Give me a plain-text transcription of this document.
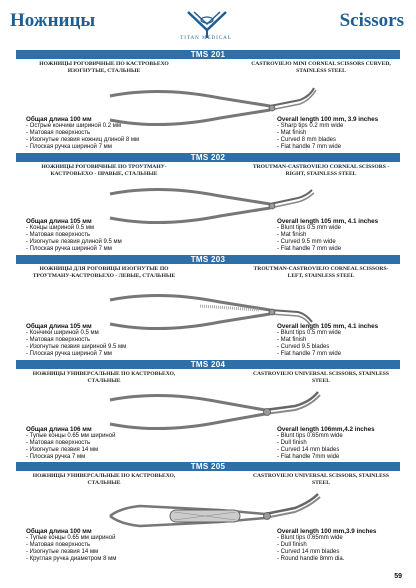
Ножницы
TITAN MEDICAL
Scissors
TMS 201
НОЖНИЦЫ РОГОВИЧНЫЕ ПО КАСТРОВЬЕХО ИЗОГНУТЫЕ, СТАЛЬНЫЕ
CASTROVIEJO MINI CORNEAL SCISSORS CURVED, STAINLESS STEEL
Общая длина 100 мм
- Острые кончики шириной 0.2 мм
- Матовая поверхность
- Изогнутые лезвия ножниц длиной 8 мм
- Плоская ручка шириной 7 мм
Overall length 100 mm, 3.9 inches
- Sharp tips 0.2 mm wide
- Mat finish
- Curved 8 mm blades
- Flat handle 7 mm wide
TMS 202
НОЖНИЦЫ РОГОВИЧНЫЕ ПО ТРОУТМАНУ-КАСТРОВЬЕХО - ПРАВЫЕ, СТАЛЬНЫЕ
TROUTMAN-CASTROVIEJO CORNEAL SCISSORS - RIGHT, STAINLESS STEEL
Общая длина 105 мм
- Концы шириной 0.5 мм
- Матовая поверхность
- Изогнутые лезвия длиной 9.5 мм
- Плоская ручка шириной 7 мм
Overall length 105 mm, 4.1 inches
- Blunt tips 0.5 mm wide
- Mat finish
- Curved 9.5 mm wide
- Flat handle 7 mm wide
TMS 203
НОЖНИЦЫ ДЛЯ РОГОВИЦЫ ИЗОГНУТЫЕ ПО ТРОУТМАНУ-КАСТРОВЬЕХО - ЛЕВЫЕ, СТАЛЬНЫЕ
TROUTMAN-CASTROVIEJO CORNEAL SCISSORS- LEFT, STAINLESS STEEL
Общая длина 105 мм
- Кончики шириной 0.5 мм
- Матовая поверхность
- Изогнутые лезвия шириной 9.5 мм
- Плоская ручка шириной 7 мм
Overall length 105 mm, 4.1 inches
- Blunt tips 0.5 mm wide
- Mat finish
- Curved 9.5 blades
- Flat handle 7 mm wide
TMS 204
НОЖНИЦЫ УНИВЕРСАЛЬНЫЕ ПО КАСТРОВЬЕХО, СТАЛЬНЫЕ
CASTROVIEJO UNIVERSAL SCISSORS, STAINLESS STEEL
Общая длина 106 мм
- Тупые концы 0.65 мм шириной
- Матовая поверхность
- Изогнутые лезвия 14 мм
- Плоская ручка 7 мм
Overall length 106mm,4.2 inches
- Blunt tips 0.65mm wide
- Dull finish
- Curved 14 mm blades
- Flat handle 7mm wide
TMS 205
НОЖНИЦЫ УНИВЕРСАЛЬНЫЕ ПО КАСТРОВЬЕХО, СТАЛЬНЫЕ
CASTROVIEJO UNIVERSAL SCISSORS, STAINLESS STEEL
Общая длина 100 мм
- Тупые концы 0.65 мм шириной
- Матовая поверхность
- Изогнутые лезвия 14 мм
- Круглая ручка диаметром 8 мм
Overall length 100 mm,3.9 inches
- Blunt tips 0.65mm wide
- Dull finish
- Curved 14 mm blades
- Round handle 8mm dia.
59
